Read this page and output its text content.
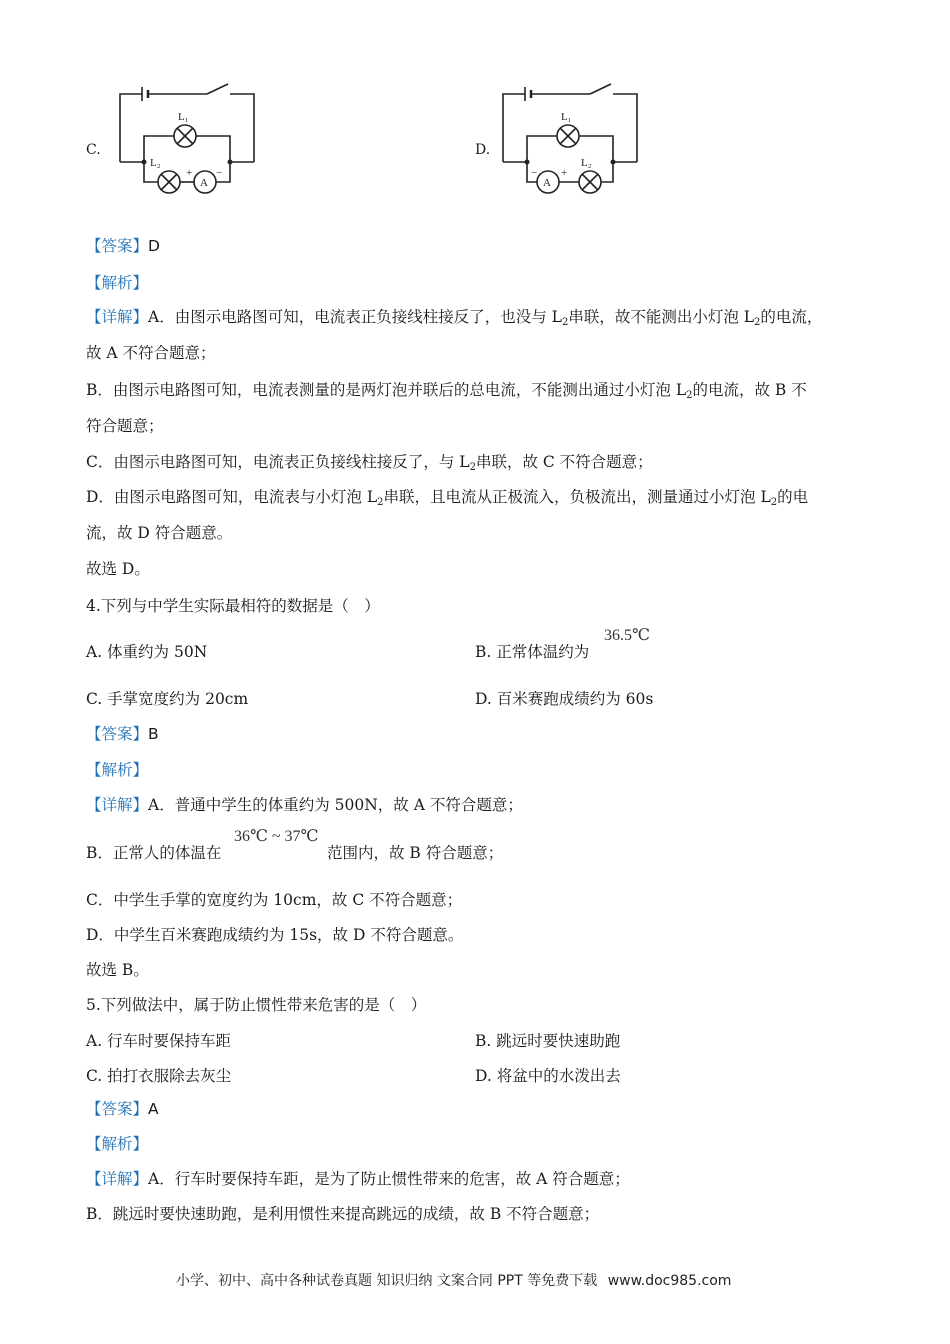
C.
L₁
L₂
A
+ −
D.
L₁
A
− +
L₂
【答案】D
【解析】
【详解】A．由图示电路图可知，电流表正负接线柱接反了，也没与 L2串联，故不能测出小灯泡 L2的电流，
故 A 不符合题意；
B．由图示电路图可知，电流表测量的是两灯泡并联后的总电流，不能测出通过小灯泡 L2的电流，故 B 不
符合题意；
C．由图示电路图可知，电流表正负接线柱接反了，与 L2串联，故 C 不符合题意；
D．由图示电路图可知，电流表与小灯泡 L2串联，且电流从正极流入，负极流出，测量通过小灯泡 L2的电
流，故 D 符合题意。
故选 D。
4.下列与中学生实际最相符的数据是（　）
A. 体重约为 50N	B. 正常体温约为
36.5℃
C. 手掌宽度约为 20cm	D. 百米赛跑成绩约为 60s
【答案】B
【解析】
【详解】A．普通中学生的体重约为 500N，故 A 不符合题意；
B．正常人的体温在
36℃ ~ 37℃
范围内，故 B 符合题意；
C．中学生手掌的宽度约为 10cm，故 C 不符合题意；
D．中学生百米赛跑成绩约为 15s，故 D 不符合题意。
故选 B。
5.下列做法中，属于防止惯性带来危害的是（　）
A. 行车时要保持车距	B. 跳远时要快速助跑
C. 拍打衣服除去灰尘	D. 将盆中的水泼出去
【答案】A
【解析】
【详解】A．行车时要保持车距，是为了防止惯性带来的危害，故 A 符合题意；
B．跳远时要快速助跑，是利用惯性来提高跳远的成绩，故 B 不符合题意；
小学、初中、高中各种试卷真题 知识归纳 文案合同 PPT 等免费下载 www.doc985.com
